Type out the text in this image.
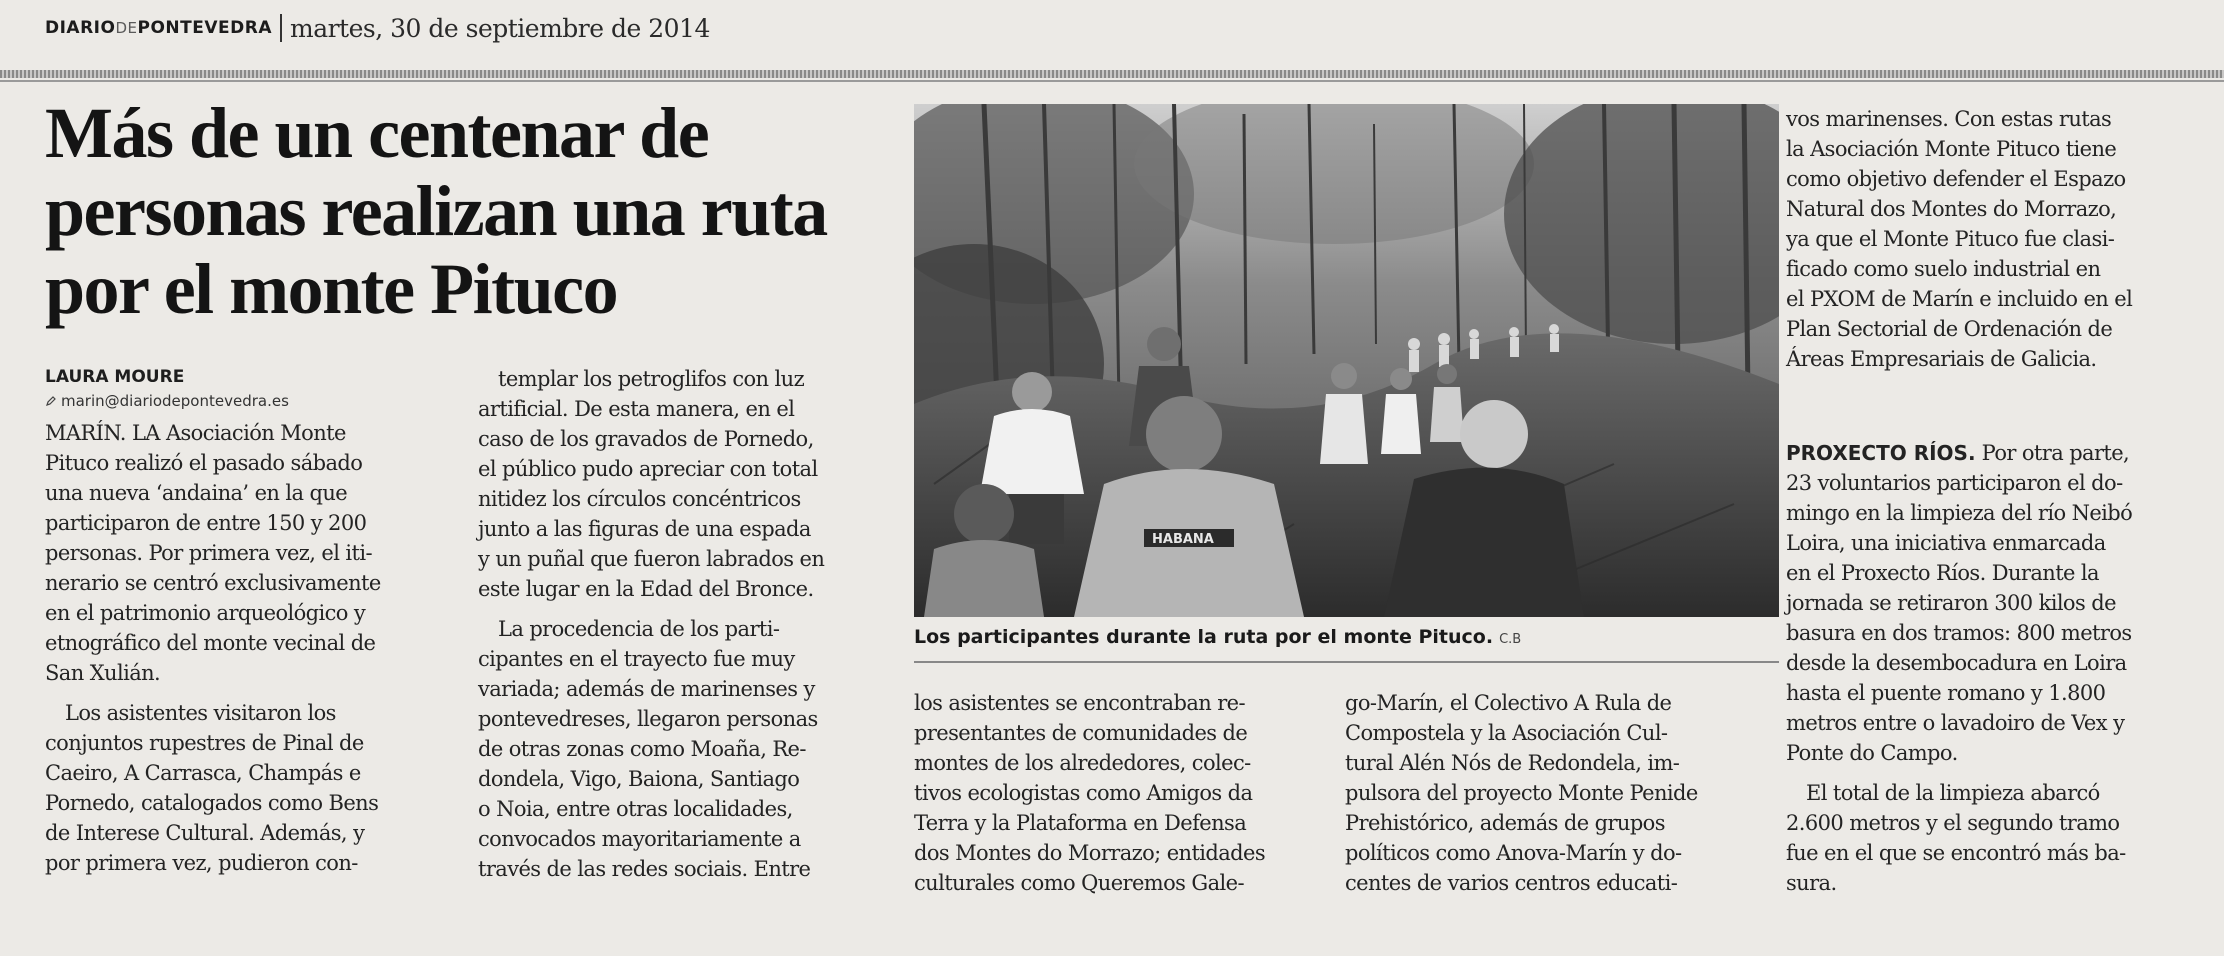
DIARIODEPONTEVEDRA martes, 30 de septiembre de 2014
Más de un centenar de
personas realizan una ruta
por el monte Pituco
LAURA MOURE
marin@diariodepontevedra.es
MARÍN. LA Asociación Monte
Pituco realizó el pasado sábado
una nueva ‘andaina’ en la que
participaron de entre 150 y 200
personas. Por primera vez, el iti-
nerario se centró exclusivamente
en el patrimonio arqueológico y
etnográfico del monte vecinal de
San Xulián.
Los asistentes visitaron los
conjuntos rupestres de Pinal de
Caeiro, A Carrasca, Champás e
Pornedo, catalogados como Bens
de Interese Cultural. Además, y
por primera vez, pudieron con-
templar los petroglifos con luz
artificial. De esta manera, en el
caso de los gravados de Pornedo,
el público pudo apreciar con total
nitidez los círculos concéntricos
junto a las figuras de una espada
y un puñal que fueron labrados en
este lugar en la Edad del Bronce.
La procedencia de los parti-
cipantes en el trayecto fue muy
variada; además de marinenses y
pontevedreses, llegaron personas
de otras zonas como Moaña, Re-
dondela, Vigo, Baiona, Santiago
o Noia, entre otras localidades,
convocados mayoritariamente a
través de las redes sociais. Entre
HABANA
Los participantes durante la ruta por el monte Pituco. C.B
los asistentes se encontraban re-
presentantes de comunidades de
montes de los alrededores, colec-
tivos ecologistas como Amigos da
Terra y la Plataforma en Defensa
dos Montes do Morrazo; entidades
culturales como Queremos Gale-
go-Marín, el Colectivo A Rula de
Compostela y la Asociación Cul-
tural Alén Nós de Redondela, im-
pulsora del proyecto Monte Penide
Prehistórico, además de grupos
políticos como Anova-Marín y do-
centes de varios centros educati-
vos marinenses. Con estas rutas
la Asociación Monte Pituco tiene
como objetivo defender el Espazo
Natural dos Montes do Morrazo,
ya que el Monte Pituco fue clasi-
ficado como suelo industrial en
el PXOM de Marín e incluido en el
Plan Sectorial de Ordenación de
Áreas Empresariais de Galicia.
PROXECTO RÍOS. Por otra parte,
23 voluntarios participaron el do-
mingo en la limpieza del río Neibó
Loira, una iniciativa enmarcada
en el Proxecto Ríos. Durante la
jornada se retiraron 300 kilos de
basura en dos tramos: 800 metros
desde la desembocadura en Loira
hasta el puente romano y 1.800
metros entre o lavadoiro de Vex y
Ponte do Campo.
El total de la limpieza abarcó
2.600 metros y el segundo tramo
fue en el que se encontró más ba-
sura.
